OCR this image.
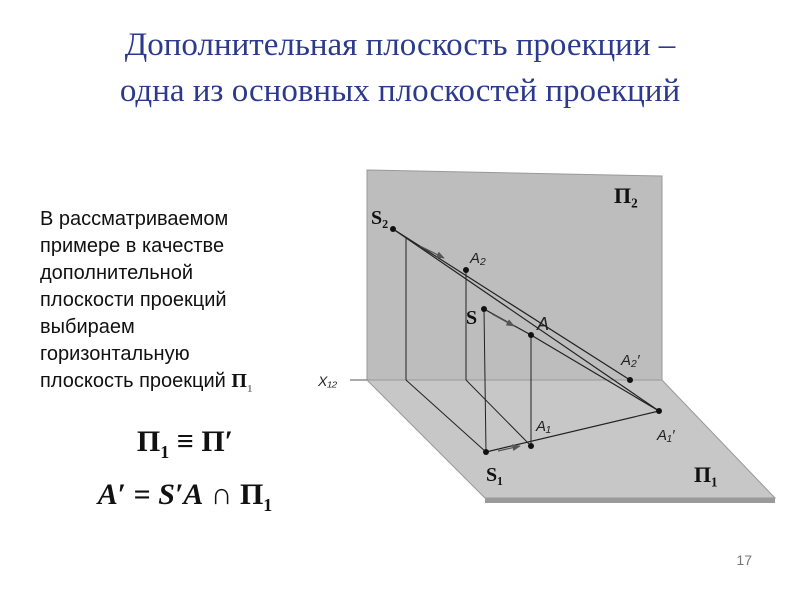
Дополнительная плоскость проекции –
одна из основных плоскостей проекций
В рассматриваемом
примере в качестве
дополнительной
плоскости проекций
выбираем
горизонтальную
плоскость проекций $П_1$
$П_1 \equiv П'$
A′ = S′A ∩ $П_1$
П₂
П₁
X₁₂
S₂
S
S₁
A₂
A
A₁
A₂′
A₁′
17
